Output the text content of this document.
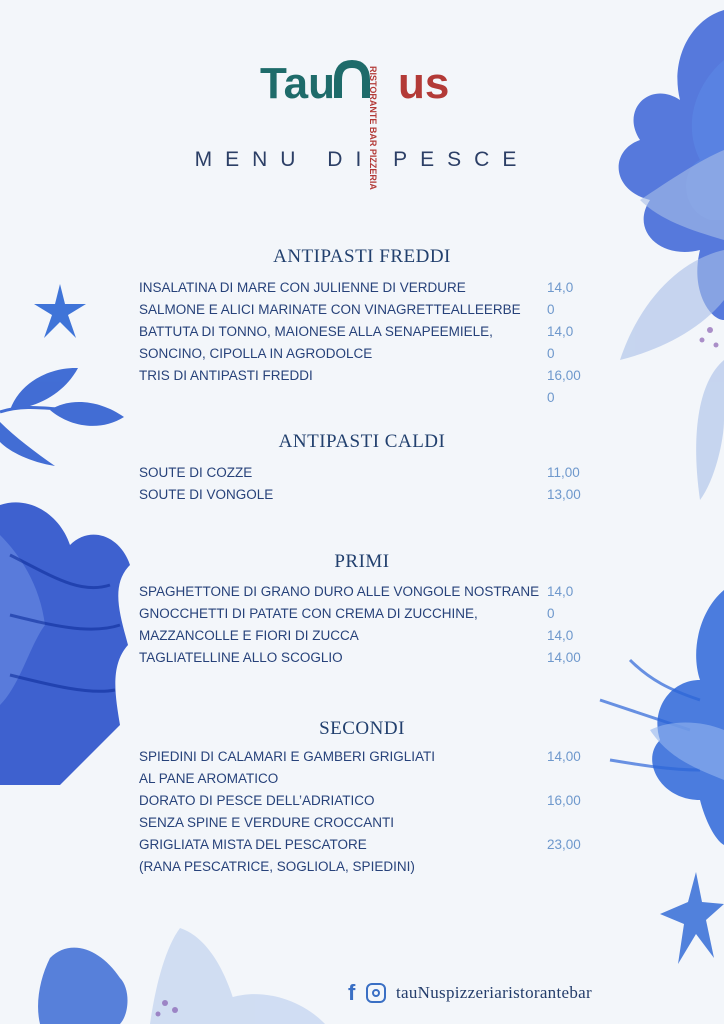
Tau us
RISTORANTE BAR PIZZERIA
MENU DI PESCE
ANTIPASTI FREDDI
INSALATINA DI MARE CON JULIENNE DI VERDURE	14,0
SALMONE E ALICI MARINATE CON VINAGRETTEALLEERBE 0
BATTUTA DI TONNO, MAIONESE ALLA SENAPEEMIELE,	14,0
SONCINO, CIPOLLA IN AGRODOLCE	0
TRIS DI ANTIPASTI FREDDI	16,00
0
ANTIPASTI CALDI
SOUTE DI COZZE	11,00
SOUTE DI VONGOLE	13,00
PRIMI
SPAGHETTONE DI GRANO DURO ALLE VONGOLE NOSTRANE 14,0
GNOCCHETTI DI PATATE CON CREMA DI ZUCCHINE,	0
MAZZANCOLLE E FIORI DI ZUCCA	14,0
TAGLIATELLINE ALLO SCOGLIO	14,00
SECONDI
SPIEDINI DI CALAMARI E GAMBERI GRIGLIATI	14,00
AL PANE AROMATICO
DORATO DI PESCE DELL’ADRIATICO	16,00
SENZA SPINE E VERDURE CROCCANTI
GRIGLIATA MISTA DEL PESCATORE	23,00
(RANA PESCATRICE, SOGLIOLA, SPIEDINI)
f	tauNuspizzeriaristorantebar
